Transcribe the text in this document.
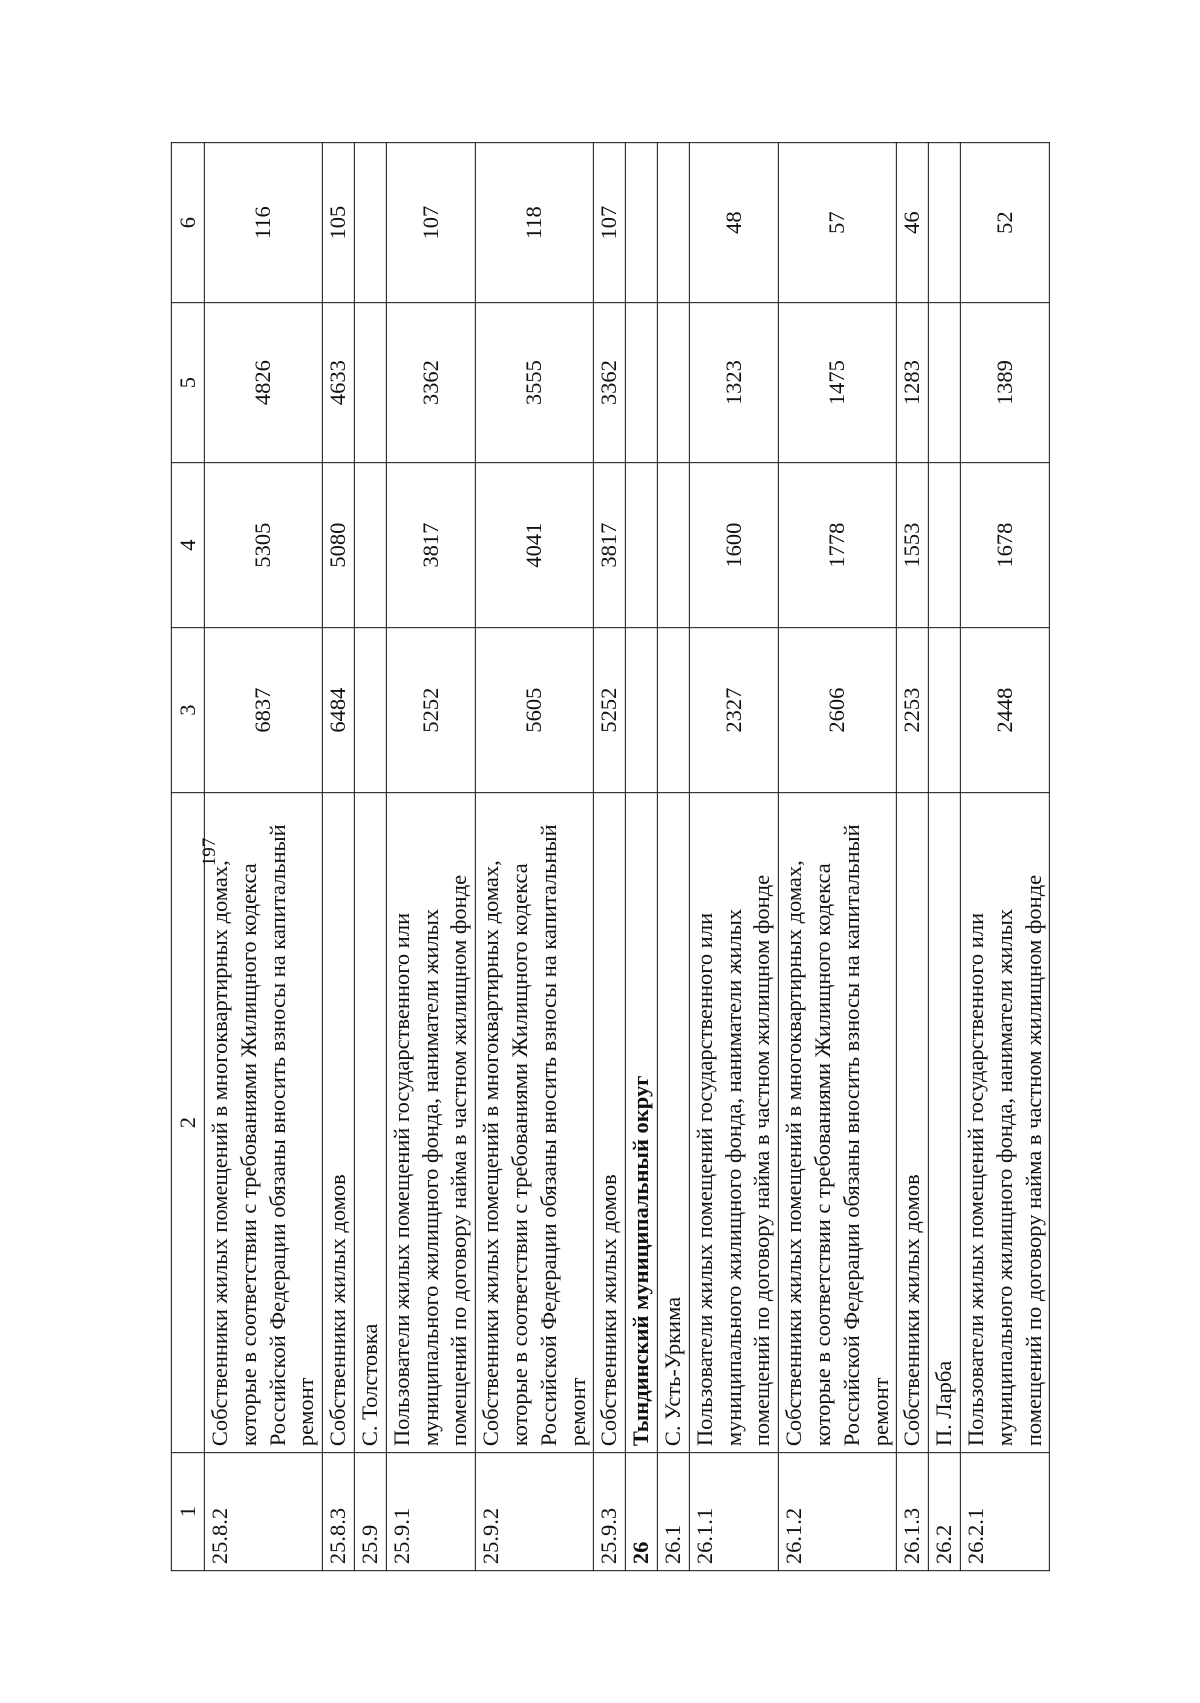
197
1	2	3	4	5	6
25.8.2	Собственники жилых помещений в многоквартирных домах, которые в соответствии с требованиями Жилищного кодекса Российской Федерации обязаны вносить взносы на капитальный ремонт	6837	5305	4826	116
25.8.3	Собственники жилых домов	6484	5080	4633	105
25.9	С. Толстовка				
25.9.1	Пользователи жилых помещений государственного или муниципального жилищного фонда, наниматели жилых помещений по договору найма в частном жилищном фонде	5252	3817	3362	107
25.9.2	Собственники жилых помещений в многоквартирных домах, которые в соответствии с требованиями Жилищного кодекса Российской Федерации обязаны вносить взносы на капитальный ремонт	5605	4041	3555	118
25.9.3	Собственники жилых домов	5252	3817	3362	107
26	Тындинский муниципальный округ				
26.1	С. Усть-Уркима				
26.1.1	Пользователи жилых помещений государственного или муниципального жилищного фонда, наниматели жилых помещений по договору найма в частном жилищном фонде	2327	1600	1323	48
26.1.2	Собственники жилых помещений в многоквартирных домах, которые в соответствии с требованиями Жилищного кодекса Российской Федерации обязаны вносить взносы на капитальный ремонт	2606	1778	1475	57
26.1.3	Собственники жилых домов	2253	1553	1283	46
26.2	П. Ларба				
26.2.1	Пользователи жилых помещений государственного или муниципального жилищного фонда, наниматели жилых помещений по договору найма в частном жилищном фонде	2448	1678	1389	52
